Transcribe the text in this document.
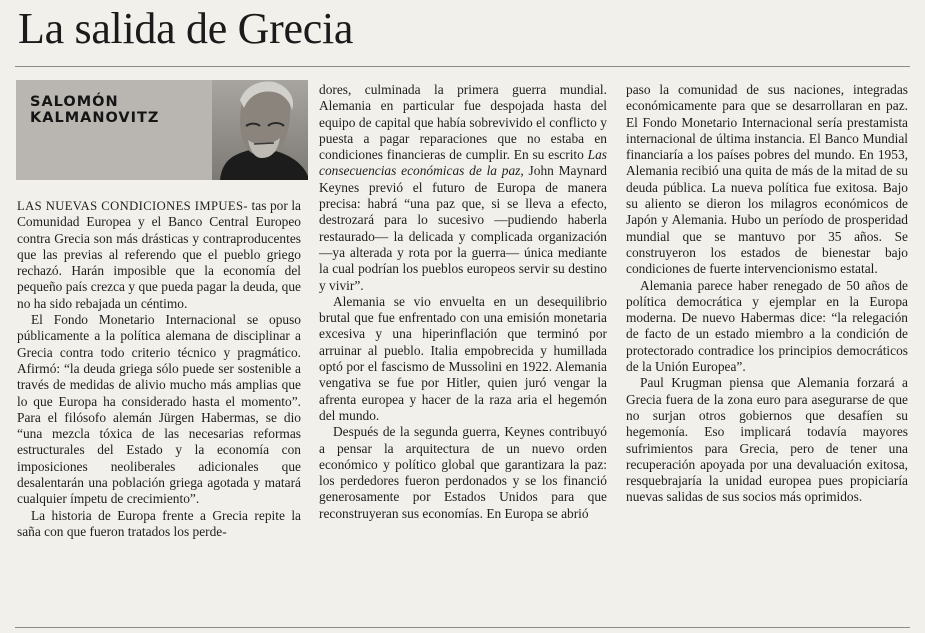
La salida de Grecia
SALOMÓN
KALMANOVITZ

LAS NUEVAS CONDICIONES IMPUES- tas por la Comunidad Europea y el Banco Central Europeo contra Grecia son más drásticas y contraproducentes que las previas al referendo que el pueblo griego rechazó. Harán imposible que la economía del pequeño país crezca y que pueda pagar la deuda, que no ha sido rebajada un céntimo.

El Fondo Monetario Internacional se opuso públicamente a la política alemana de disciplinar a Grecia contra todo criterio técnico y pragmático. Afirmó: “la deuda griega sólo puede ser sostenible a través de medidas de alivio mucho más amplias que lo que Europa ha considerado hasta el momento”. Para el filósofo alemán Jürgen Habermas, se dio “una mezcla tóxica de las necesarias reformas estructurales del Estado y la economía con imposiciones neoliberales adicionales que desalentarán una población griega agotada y matará cualquier ímpetu de crecimiento”.

La historia de Europa frente a Grecia repite la saña con que fueron tratados los perde-

dores, culminada la primera guerra mundial. Alemania en particular fue despojada hasta del equipo de capital que había sobrevivido el conflicto y puesta a pagar reparaciones que no estaba en condiciones financieras de cumplir. En su escrito Las consecuencias económicas de la paz, John Maynard Keynes previó el futuro de Europa de manera precisa: habrá “una paz que, si se lleva a efecto, destrozará para lo sucesivo —pudiendo haberla restaurado— la delicada y complicada organización —ya alterada y rota por la guerra— única mediante la cual podrían los pueblos europeos servir su destino y vivir”.

Alemania se vio envuelta en un desequilibrio brutal que fue enfrentado con una emisión monetaria excesiva y una hiperinflación que terminó por arruinar al pueblo. Italia empobrecida y humillada optó por el fascismo de Mussolini en 1922. Alemania vengativa se fue por Hitler, quien juró vengar la afrenta europea y hacer de la raza aria el hegemón del mundo.

Después de la segunda guerra, Keynes contribuyó a pensar la arquitectura de un nuevo orden económico y político global que garantizara la paz: los perdedores fueron perdonados y se los financió generosamente por Estados Unidos para que reconstruyeran sus economías. En Europa se abrió

paso la comunidad de sus naciones, integradas económicamente para que se desarrollaran en paz. El Fondo Monetario Internacional sería prestamista internacional de última instancia. El Banco Mundial financiaría a los países pobres del mundo. En 1953, Alemania recibió una quita de más de la mitad de su deuda pública. La nueva política fue exitosa. Bajo su aliento se dieron los milagros económicos de Japón y Alemania. Hubo un período de prosperidad mundial que se mantuvo por 35 años. Se construyeron los estados de bienestar bajo condiciones de fuerte intervencionismo estatal.

Alemania parece haber renegado de 50 años de política democrática y ejemplar en la Europa moderna. De nuevo Habermas dice: “la relegación de facto de un estado miembro a la condición de protectorado contradice los principios democráticos de la Unión Europea”.

Paul Krugman piensa que Alemania forzará a Grecia fuera de la zona euro para asegurarse de que no surjan otros gobiernos que desafíen su hegemonía. Eso implicará todavía mayores sufrimientos para Grecia, pero de tener una recuperación apoyada por una devaluación exitosa, resquebrajaría la unidad europea pues propiciaría nuevas salidas de sus socios más oprimidos.
